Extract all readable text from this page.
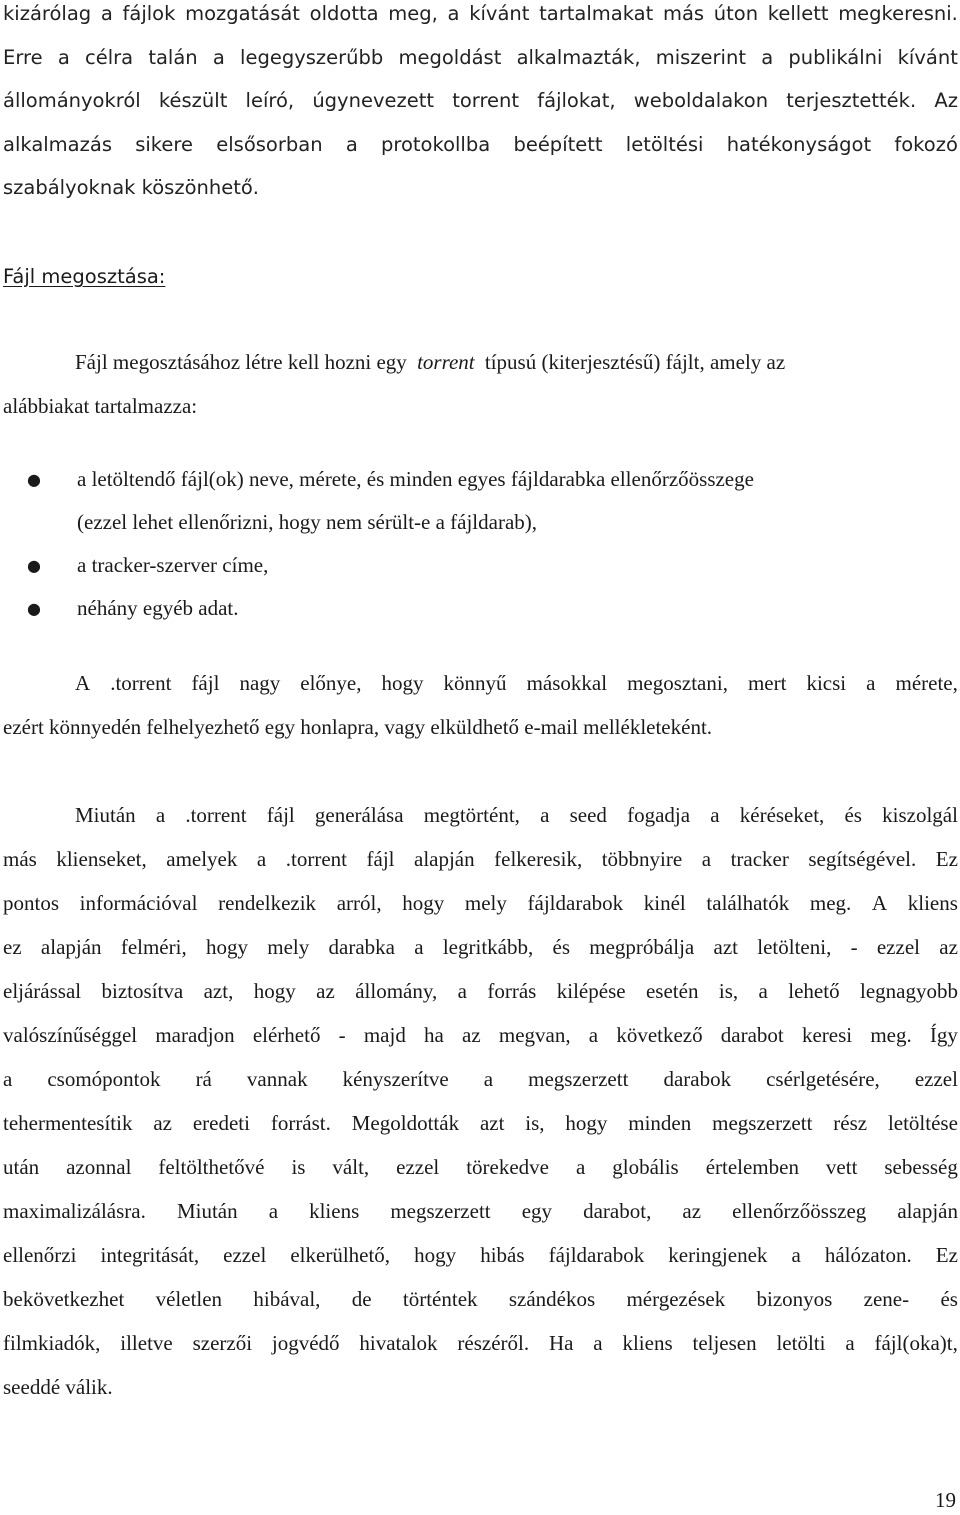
kizárólag a fájlok mozgatását oldotta meg, a kívánt tartalmakat más úton kellett megkeresni.
Erre a célra talán a legegyszerűbb megoldást alkalmazták, miszerint a publikálni kívánt
állományokról készült leíró, úgynevezett torrent fájlokat, weboldalakon terjesztették. Az
alkalmazás sikere elsősorban a protokollba beépített letöltési hatékonyságot fokozó
szabályoknak köszönhető.
Fájl megosztása:
Fájl megosztásához létre kell hozni egy torrent típusú (kiterjesztésű) fájlt, amely az
alábbiakat tartalmazza:
● a letöltendő fájl(ok) neve, mérete, és minden egyes fájldarabka ellenőrzőösszege
(ezzel lehet ellenőrizni, hogy nem sérült-e a fájldarab),
● a tracker-szerver címe,
● néhány egyéb adat.
A .torrent fájl nagy előnye, hogy könnyű másokkal megosztani, mert kicsi a mérete,
ezért könnyedén felhelyezhető egy honlapra, vagy elküldhető e-mail mellékleteként.
Miután a .torrent fájl generálása megtörtént, a seed fogadja a kéréseket, és kiszolgál
más klienseket, amelyek a .torrent fájl alapján felkeresik, többnyire a tracker segítségével. Ez
pontos információval rendelkezik arról, hogy mely fájldarabok kinél találhatók meg. A kliens
ez alapján felméri, hogy mely darabka a legritkább, és megpróbálja azt letölteni, - ezzel az
eljárással biztosítva azt, hogy az állomány, a forrás kilépése esetén is, a lehető legnagyobb
valószínűséggel maradjon elérhető - majd ha az megvan, a következő darabot keresi meg. Így
a csomópontok rá vannak kényszerítve a megszerzett darabok csérlgetésére, ezzel
tehermentesítik az eredeti forrást. Megoldották azt is, hogy minden megszerzett rész letöltése
után azonnal feltölthetővé is vált, ezzel törekedve a globális értelemben vett sebesség
maximalizálásra. Miután a kliens megszerzett egy darabot, az ellenőrzőösszeg alapján
ellenőrzi integritását, ezzel elkerülhető, hogy hibás fájldarabok keringjenek a hálózaton. Ez
bekövetkezhet véletlen hibával, de történtek szándékos mérgezések bizonyos zene- és
filmkiadók, illetve szerzői jogvédő hivatalok részéről. Ha a kliens teljesen letölti a fájl(oka)t,
seeddé válik.
19
